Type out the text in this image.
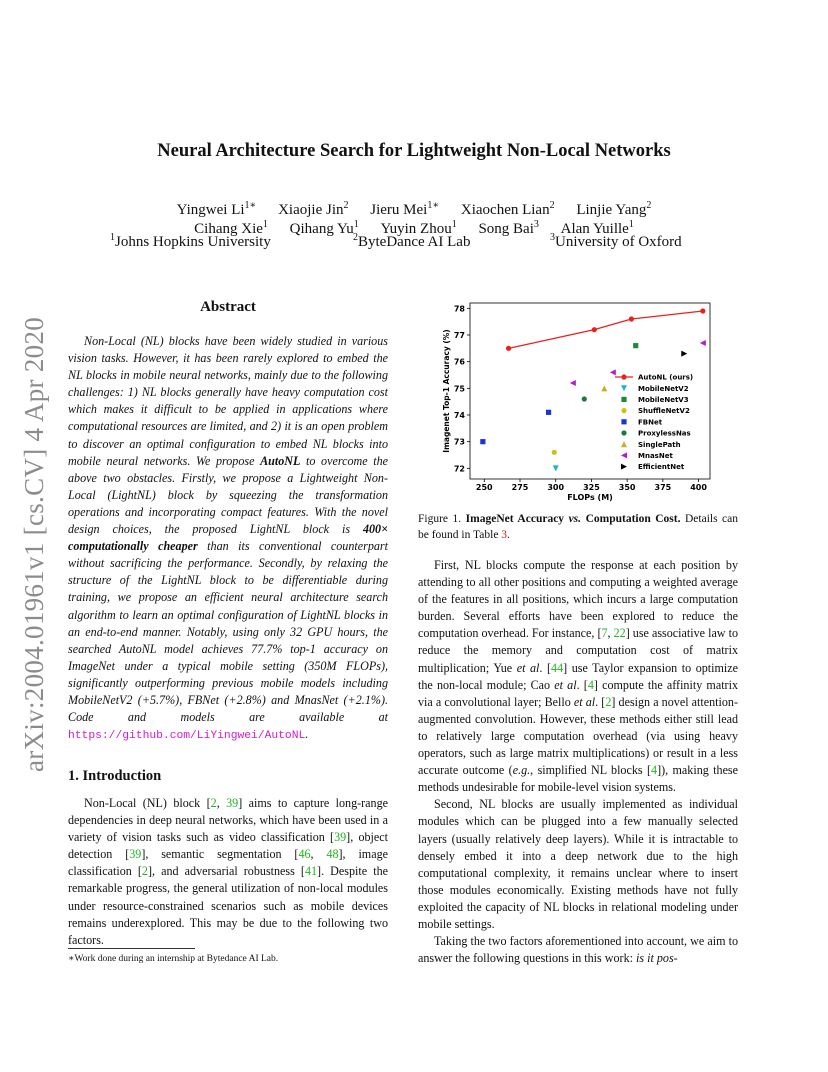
arXiv:2004.01961v1 [cs.CV] 4 Apr 2020
Neural Architecture Search for Lightweight Non-Local Networks
Yingwei $Li^{1∗}$ Xiaojie Jin$^2$ Jieru Mei$^{1∗}$ Xiaochen Lian$^2$ Linjie Yang$^2$
Cihang Xie$^1$ Qihang Yu$^1$ Yuyin Zhou$^1$ Song Bai$^3$ Alan Yuille$^1$
$^1$Johns Hopkins University	$^2$ByteDance AI Lab	$^3$University of Oxford
Abstract
Non-Local (NL) blocks have been widely studied in various vision tasks. However, it has been rarely explored to embed the NL blocks in mobile neural networks, mainly due to the following challenges: 1) NL blocks generally have heavy computation cost which makes it difficult to be applied in applications where computational resources are limited, and 2) it is an open problem to discover an optimal configuration to embed NL blocks into mobile neural networks. We propose AutoNL to overcome the above two obstacles. Firstly, we propose a Lightweight Non-Local (LightNL) block by squeezing the transformation operations and incorporating compact features. With the novel design choices, the proposed LightNL block is 400× computationally cheaper than its conventional counterpart without sacrificing the performance. Secondly, by relaxing the structure of the LightNL block to be differentiable during training, we propose an efficient neural architecture search algorithm to learn an optimal configuration of LightNL blocks in an end-to-end manner. Notably, using only 32 GPU hours, the searched AutoNL model achieves 77.7% top-1 accuracy on ImageNet under a typical mobile setting (350M FLOPs), significantly outperforming previous mobile models including MobileNetV2 (+5.7%), FBNet (+2.8%) and MnasNet (+2.1%). Code and models are available at https://github.com/LiYingwei/AutoNL.
1. Introduction
Non-Local (NL) block [2, 39] aims to capture long-range dependencies in deep neural networks, which have been used in a variety of vision tasks such as video classification [39], object detection [39], semantic segmentation [46, 48], image classification [2], and adversarial robustness [41]. Despite the remarkable progress, the general utilization of non-local modules under resource-constrained scenarios such as mobile devices remains underexplored. This may be due to the following two factors.
∗Work done during an internship at Bytedance AI Lab.
250 275 300 325 350 375 400
72
73
74
75
76
77
78
FLOPs (M)
Imagenet Top-1 Accuracy (%)	AutoNL (ours)
MobileNetV2
MobileNetV3
ShuffleNetV2
FBNet
ProxylessNas
SinglePath
MnasNet
EfficientNet
Figure 1. ImageNet Accuracy vs. Computation Cost. Details can be found in Table 3.

First, NL blocks compute the response at each position by attending to all other positions and computing a weighted average of the features in all positions, which incurs a large computation burden. Several efforts have been explored to reduce the computation overhead. For instance, [7, 22] use associative law to reduce the memory and computation cost of matrix multiplication; Yue et al. [44] use Taylor expansion to optimize the non-local module; Cao et al. [4] compute the affinity matrix via a convolutional layer; Bello et al. [2] design a novel attention-augmented convolution. However, these methods either still lead to relatively large computation overhead (via using heavy operators, such as large matrix multiplications) or result in a less accurate outcome (e.g., simplified NL blocks [4]), making these methods undesirable for mobile-level vision systems.

Second, NL blocks are usually implemented as individual modules which can be plugged into a few manually selected layers (usually relatively deep layers). While it is intractable to densely embed it into a deep network due to the high computational complexity, it remains unclear where to insert those modules economically. Existing methods have not fully exploited the capacity of NL blocks in relational modeling under mobile settings.

Taking the two factors aforementioned into account, we aim to answer the following questions in this work: is it pos-
